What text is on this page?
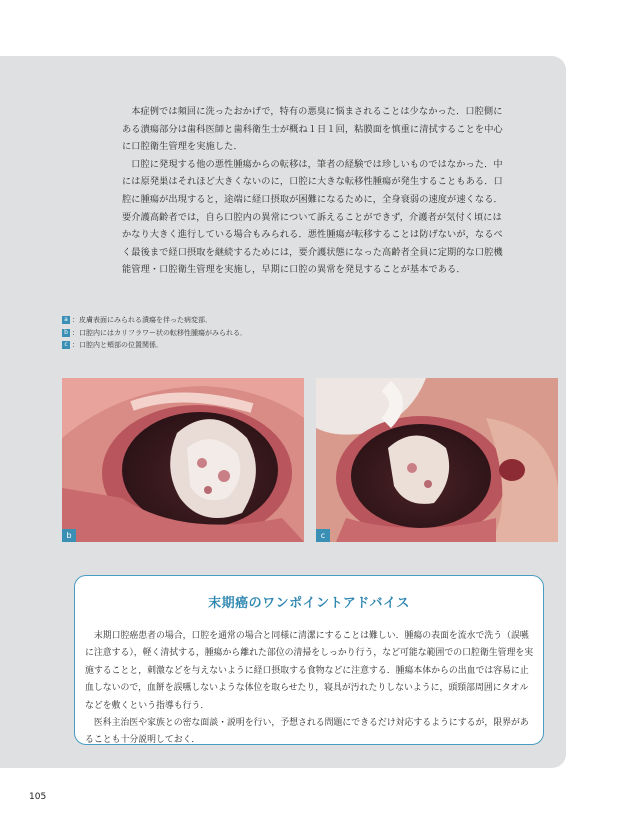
本症例では頻回に洗ったおかげで，特有の悪臭に悩まされることは少なかった．口腔側にある潰瘍部分は歯科医師と歯科衛生士が概ね１日１回，粘膜面を慎重に清拭することを中心に口腔衛生管理を実施した．

口腔に発現する他の悪性腫瘍からの転移は，筆者の経験では珍しいものではなかった．中には原発巣はそれほど大きくないのに，口腔に大きな転移性腫瘍が発生することもある．口腔に腫瘍が出現すると，途端に経口摂取が困難になるために，全身衰弱の速度が速くなる．要介護高齢者では，自ら口腔内の異常について訴えることができず，介護者が気付く頃にはかなり大きく進行している場合もみられる．悪性腫瘍が転移することは防げないが，なるべく最後まで経口摂取を継続するためには，要介護状態になった高齢者全員に定期的な口腔機能管理・口腔衛生管理を実施し，早期に口腔の異常を発見することが基本である．

a ：皮膚表面にみられる潰瘍を伴った病変部．
b ：口腔内にはカリフラワー状の転移性腫瘍がみられる．
c ：口腔内と頬部の位置関係．
b	c
末期癌のワンポイントアドバイス

末期口腔癌患者の場合，口腔を通常の場合と同様に清潔にすることは難しい．腫瘍の表面を流水で洗う（誤嚥に注意する），軽く清拭する，腫瘍から離れた部位の清掃をしっかり行う，など可能な範囲での口腔衛生管理を実施することと，刺激などを与えないように経口摂取する食物などに注意する．腫瘍本体からの出血では容易に止血しないので，血餅を誤嚥しないような体位を取らせたり，寝具が汚れたりしないように，頭頸部周囲にタオルなどを敷くという指導も行う．

医科主治医や家族との密な面談・説明を行い，予想される問題にできるだけ対応するようにするが，限界があることも十分説明しておく．

105
